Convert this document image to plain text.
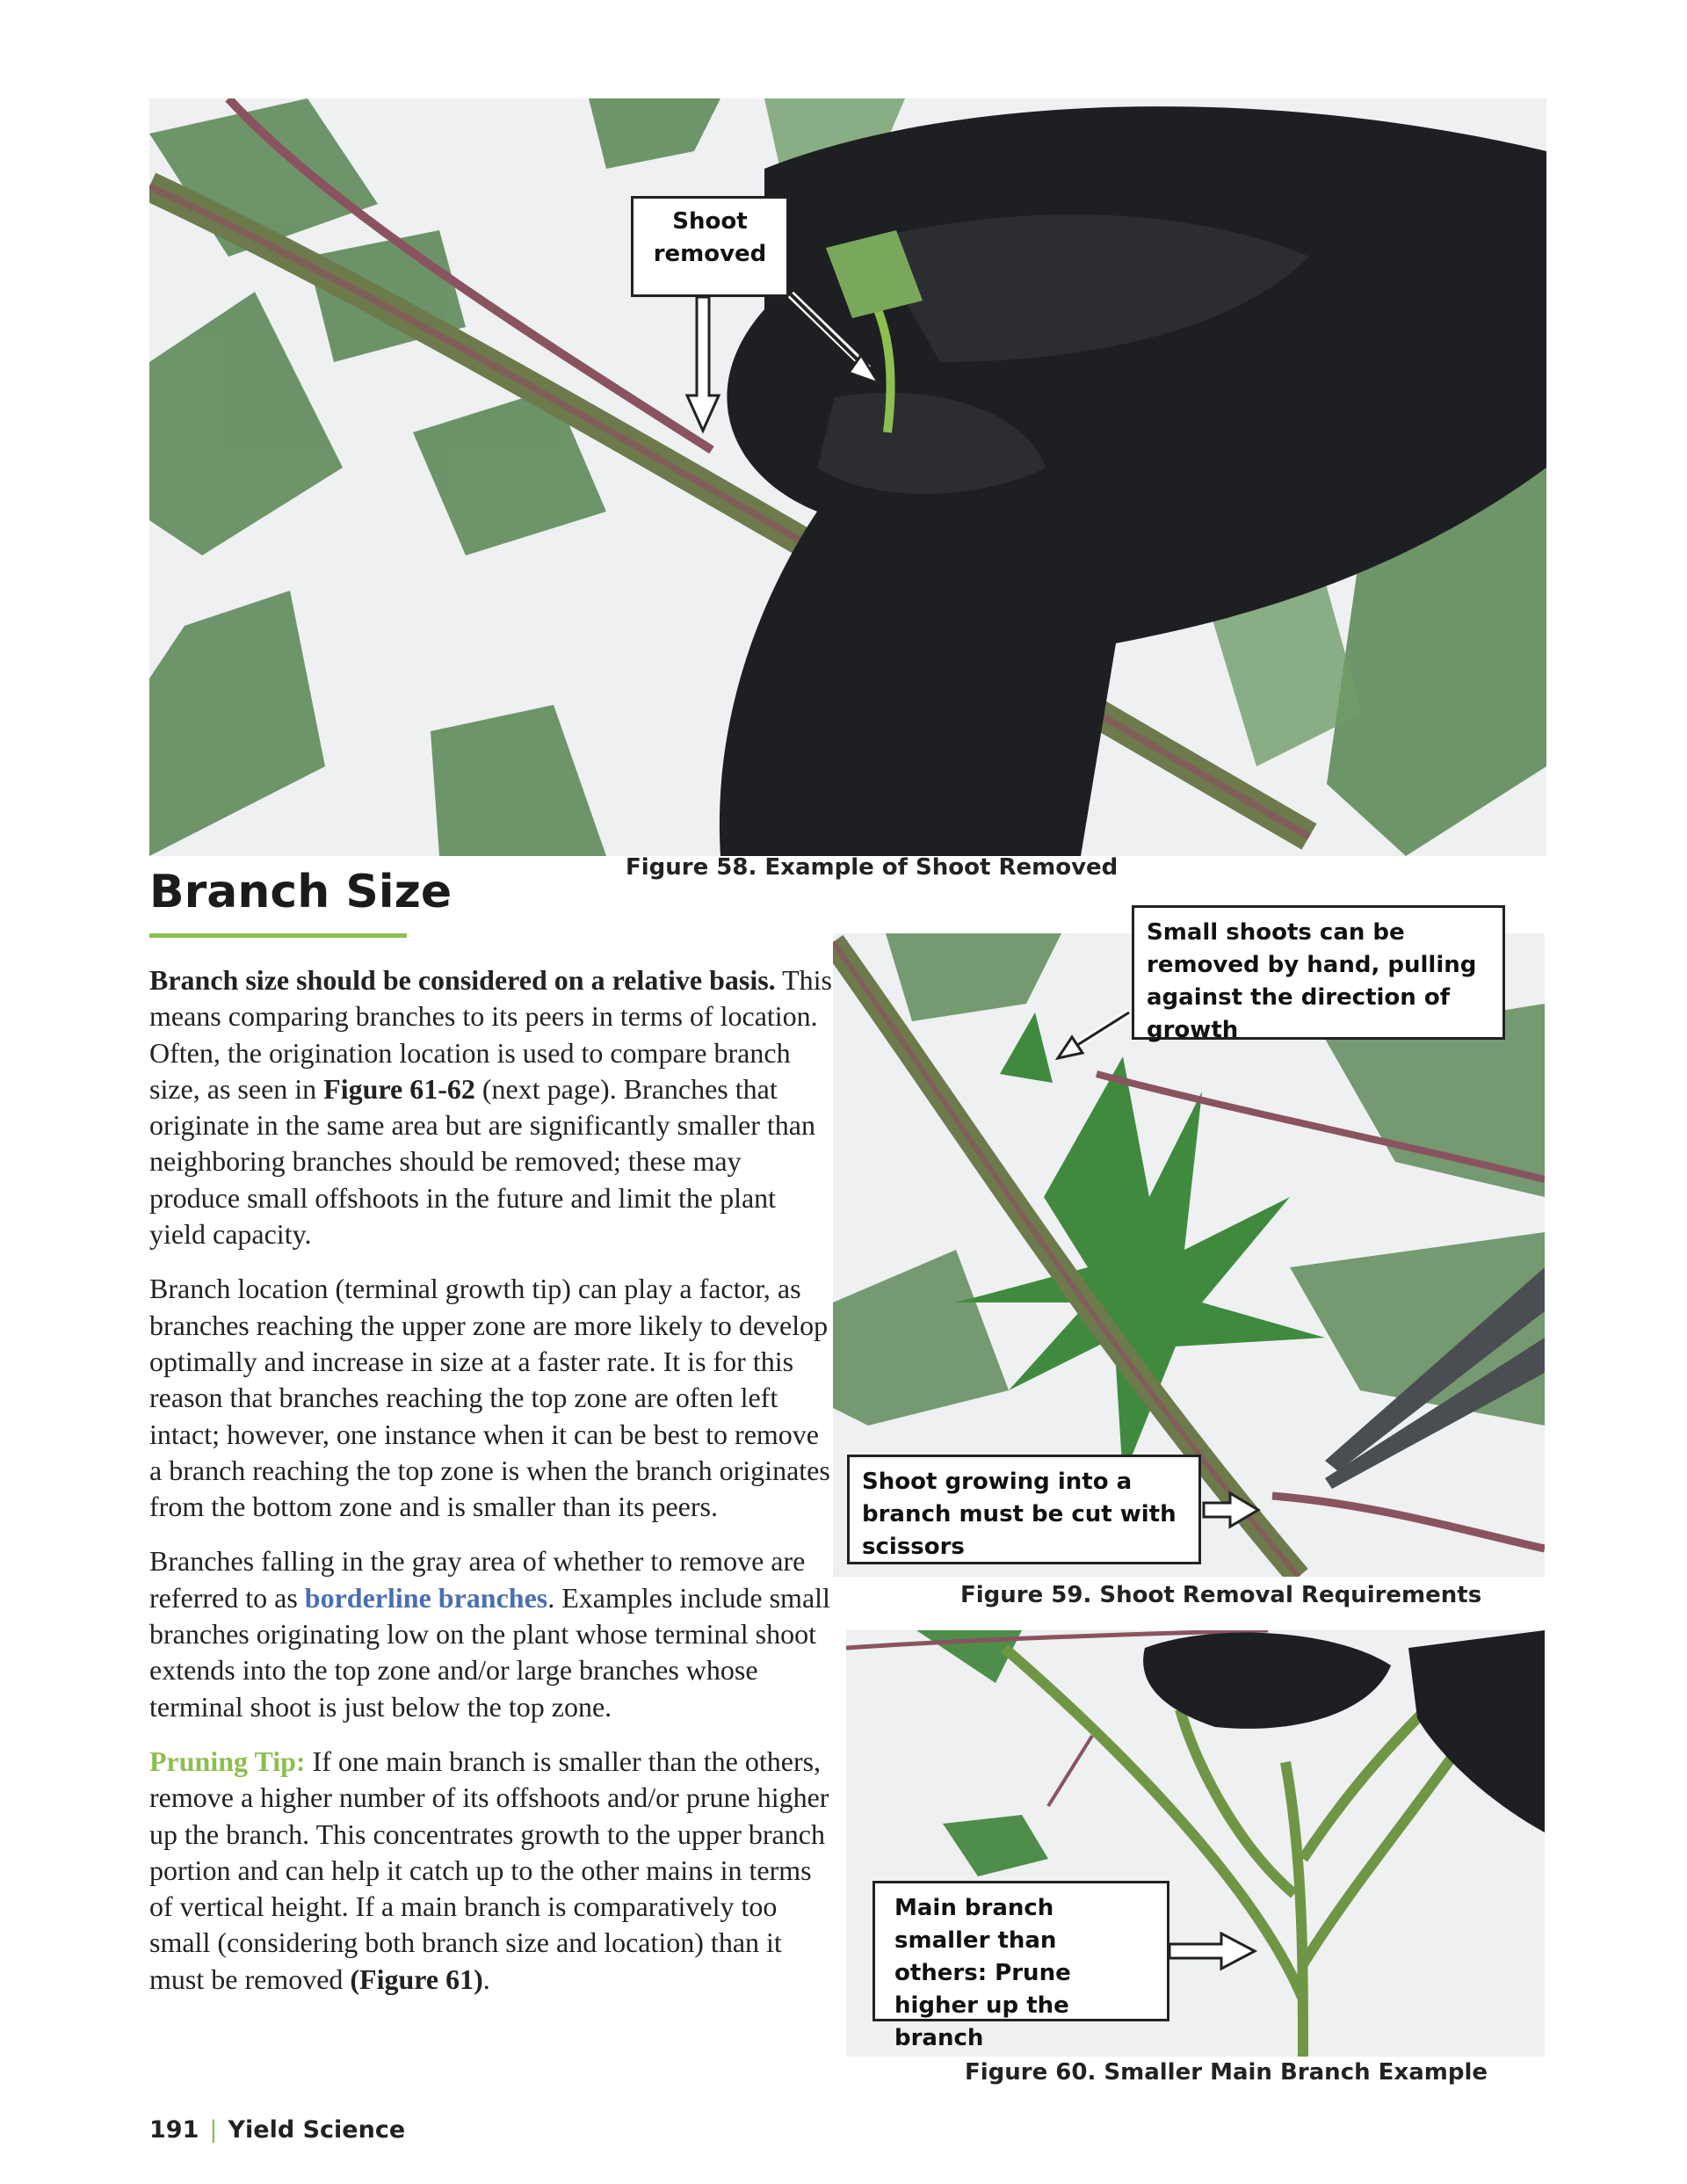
Shoot removed
Figure 58. Example of Shoot Removed
Branch Size

Branch size should be considered on a relative basis. This means comparing branches to its peers in terms of location. Often, the origination location is used to compare branch size, as seen in Figure 61-62 (next page). Branches that originate in the same area but are significantly smaller than neighboring branches should be removed; these may produce small offshoots in the future and limit the plant yield capacity.

Branch location (terminal growth tip) can play a factor, as branches reaching the upper zone are more likely to develop optimally and increase in size at a faster rate. It is for this reason that branches reaching the top zone are often left intact; however, one instance when it can be best to remove a branch reaching the top zone is when the branch originates from the bottom zone and is smaller than its peers.

Branches falling in the gray area of whether to remove are referred to as borderline branches. Examples include small branches originating low on the plant whose terminal shoot extends into the top zone and/or large branches whose terminal shoot is just below the top zone.

Pruning Tip: If one main branch is smaller than the others, remove a higher number of its offshoots and/or prune higher up the branch. This concentrates growth to the upper branch portion and can help it catch up to the other mains in terms of vertical height. If a main branch is comparatively too small (considering both branch size and location) than it must be removed (Figure 61).

Small shoots can be removed by hand, pulling against the direction of growth
Shoot growing into a branch must be cut with scissors
Figure 59. Shoot Removal Requirements
Main branch smaller than others: Prune higher up the branch
Figure 60. Smaller Main Branch Example
191 | Yield Science
